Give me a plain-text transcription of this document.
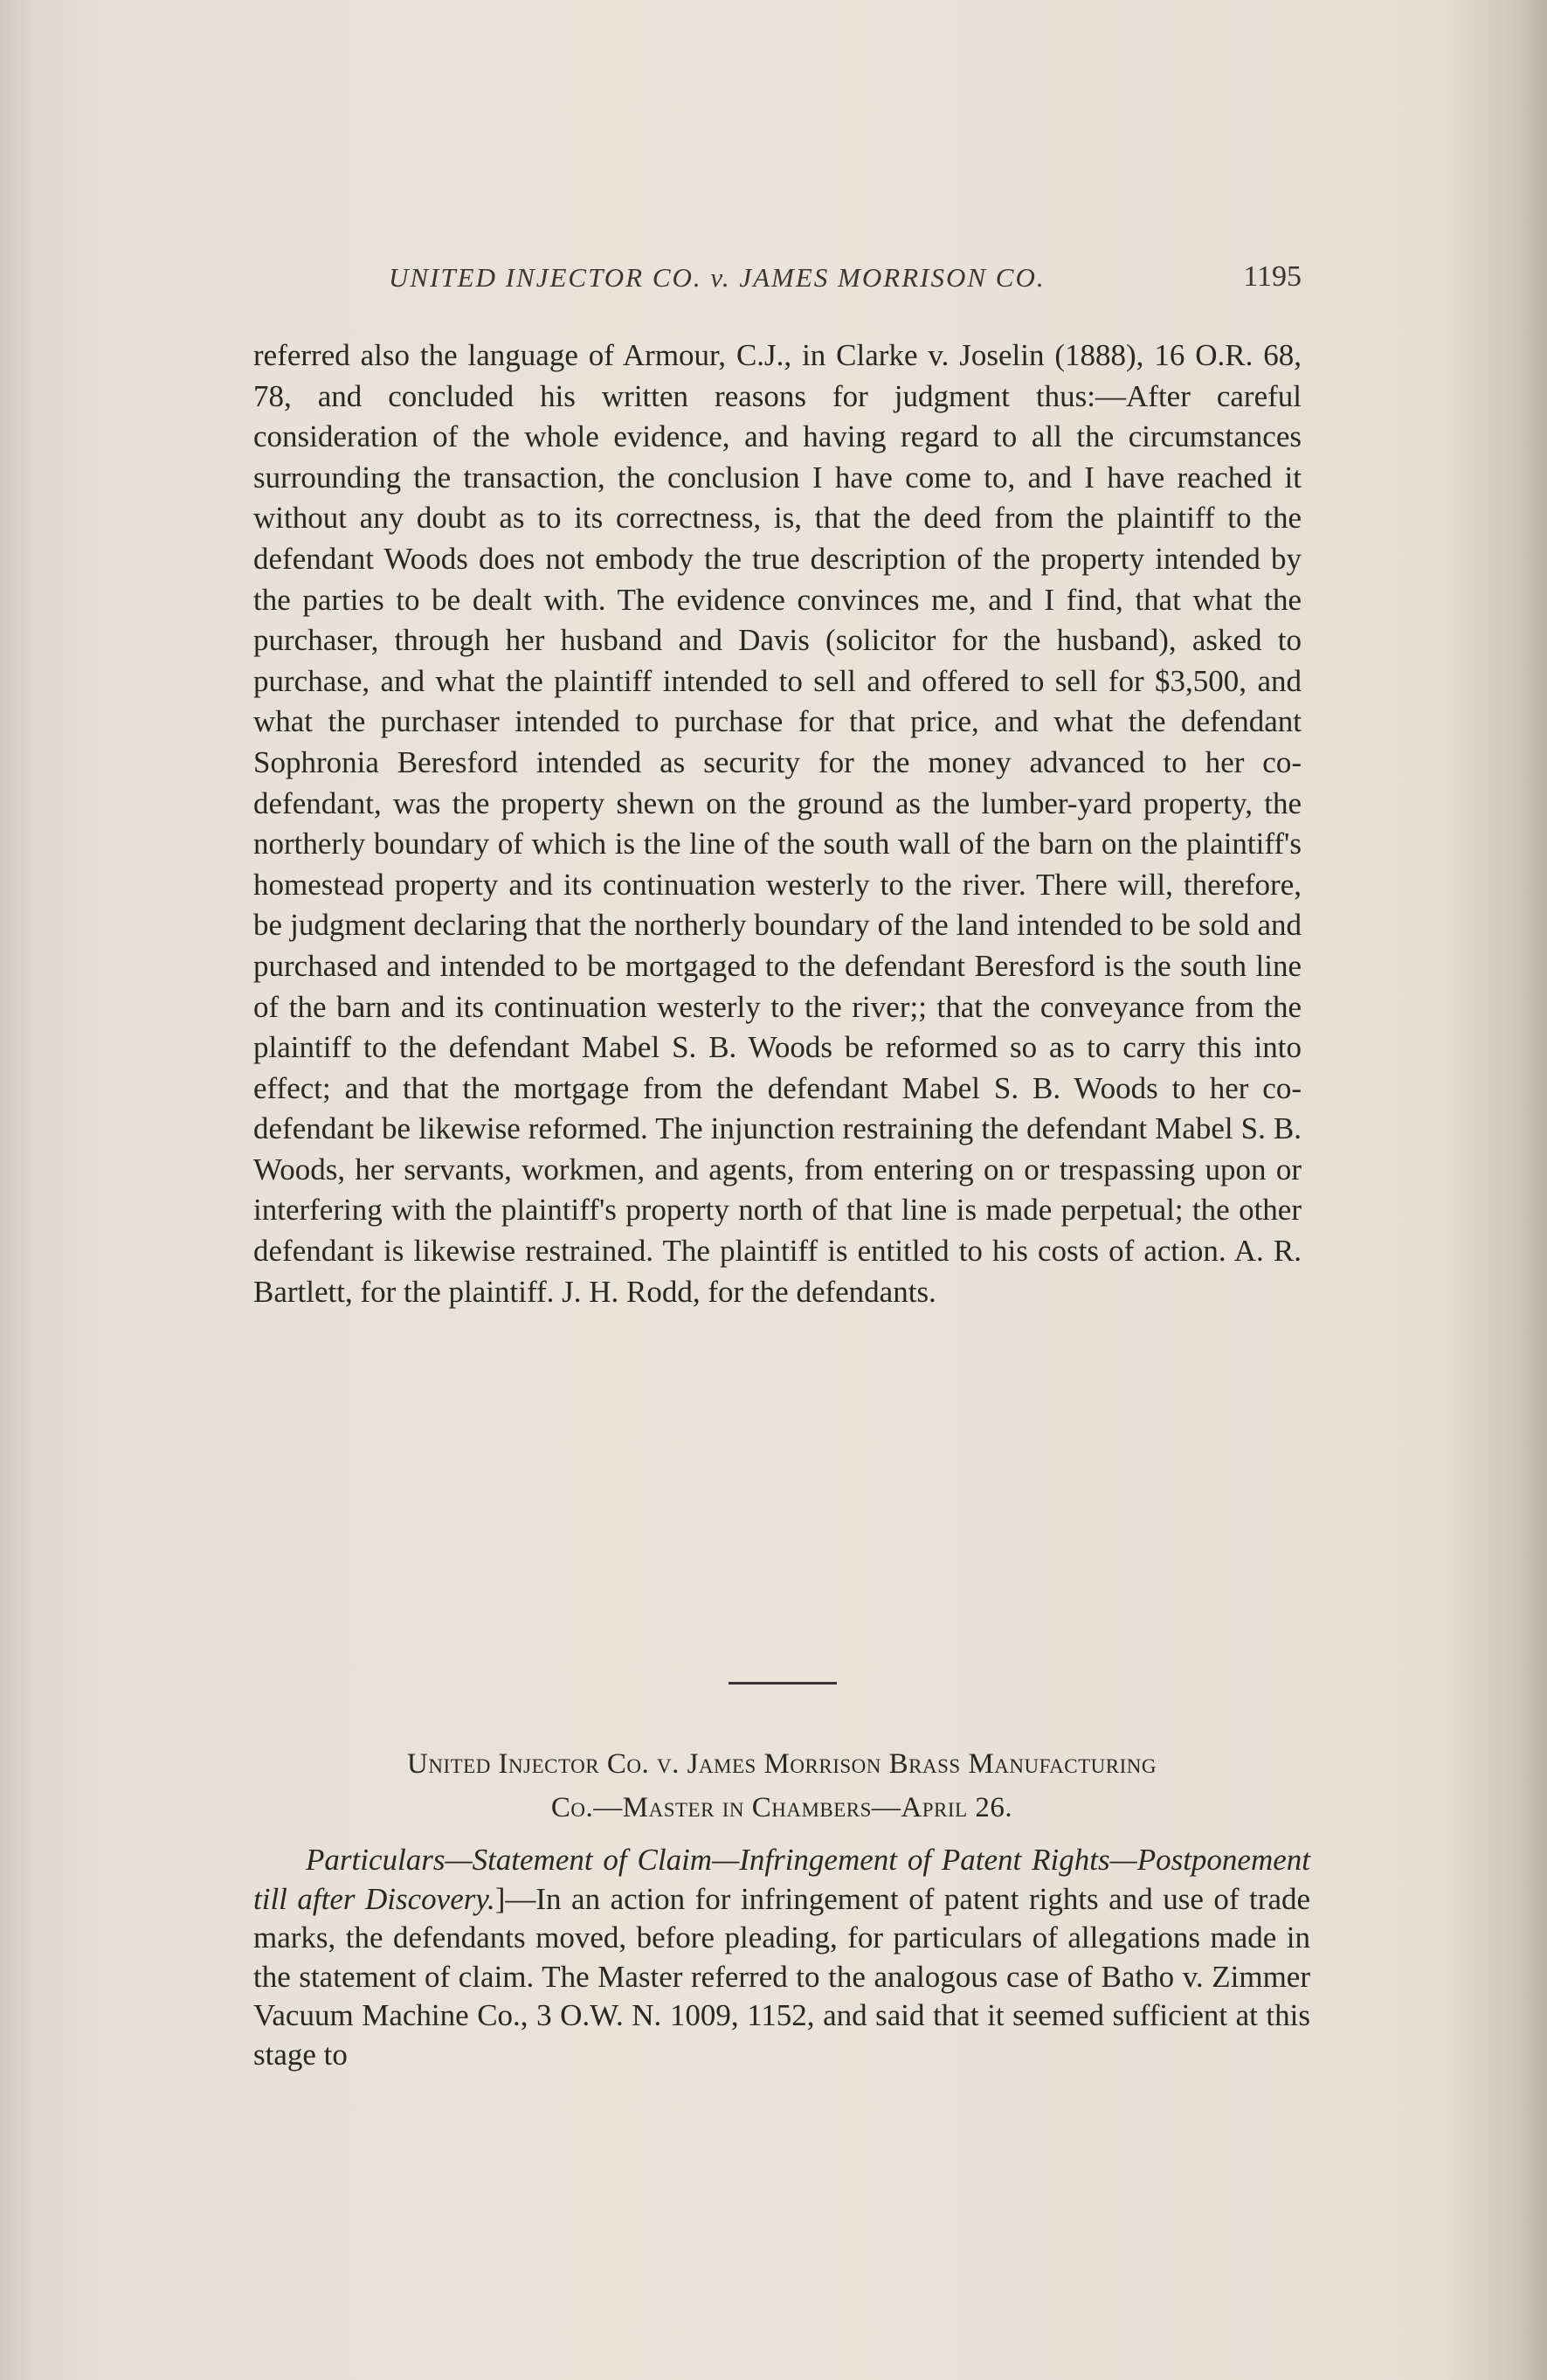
UNITED INJECTOR CO. v. JAMES MORRISON CO.	1195

referred also the language of Armour, C.J., in Clarke v. Joselin (1888), 16 O.R. 68, 78, and concluded his written reasons for judgment thus:—After careful consideration of the whole evidence, and having regard to all the circumstances surrounding the transaction, the conclusion I have come to, and I have reached it without any doubt as to its correctness, is, that the deed from the plaintiff to the defendant Woods does not embody the true description of the property intended by the parties to be dealt with. The evidence convinces me, and I find, that what the purchaser, through her husband and Davis (solicitor for the husband), asked to purchase, and what the plaintiff intended to sell and offered to sell for $3,500, and what the purchaser intended to purchase for that price, and what the defendant Sophronia Beresford intended as security for the money advanced to her co-defendant, was the property shewn on the ground as the lumber-yard property, the northerly boundary of which is the line of the south wall of the barn on the plaintiff's homestead property and its continuation westerly to the river. There will, therefore, be judgment declaring that the northerly boundary of the land intended to be sold and purchased and intended to be mortgaged to the defendant Beresford is the south line of the barn and its continuation westerly to the river;; that the conveyance from the plaintiff to the defendant Mabel S. B. Woods be reformed so as to carry this into effect; and that the mortgage from the defendant Mabel S. B. Woods to her co-defendant be likewise reformed. The injunction restraining the defendant Mabel S. B. Woods, her servants, workmen, and agents, from entering on or trespassing upon or interfering with the plaintiff's property north of that line is made perpetual; the other defendant is likewise restrained. The plaintiff is entitled to his costs of action. A. R. Bartlett, for the plaintiff. J. H. Rodd, for the defendants.

United Injector Co. v. James Morrison Brass Manufacturing
Co.—Master in Chambers—April 26.
Particulars—Statement of Claim—Infringement of Patent Rights—Postponement till after Discovery.]—In an action for infringement of patent rights and use of trade marks, the defendants moved, before pleading, for particulars of allegations made in the statement of claim. The Master referred to the analogous case of Batho v. Zimmer Vacuum Machine Co., 3 O.W. N. 1009, 1152, and said that it seemed sufficient at this stage to
